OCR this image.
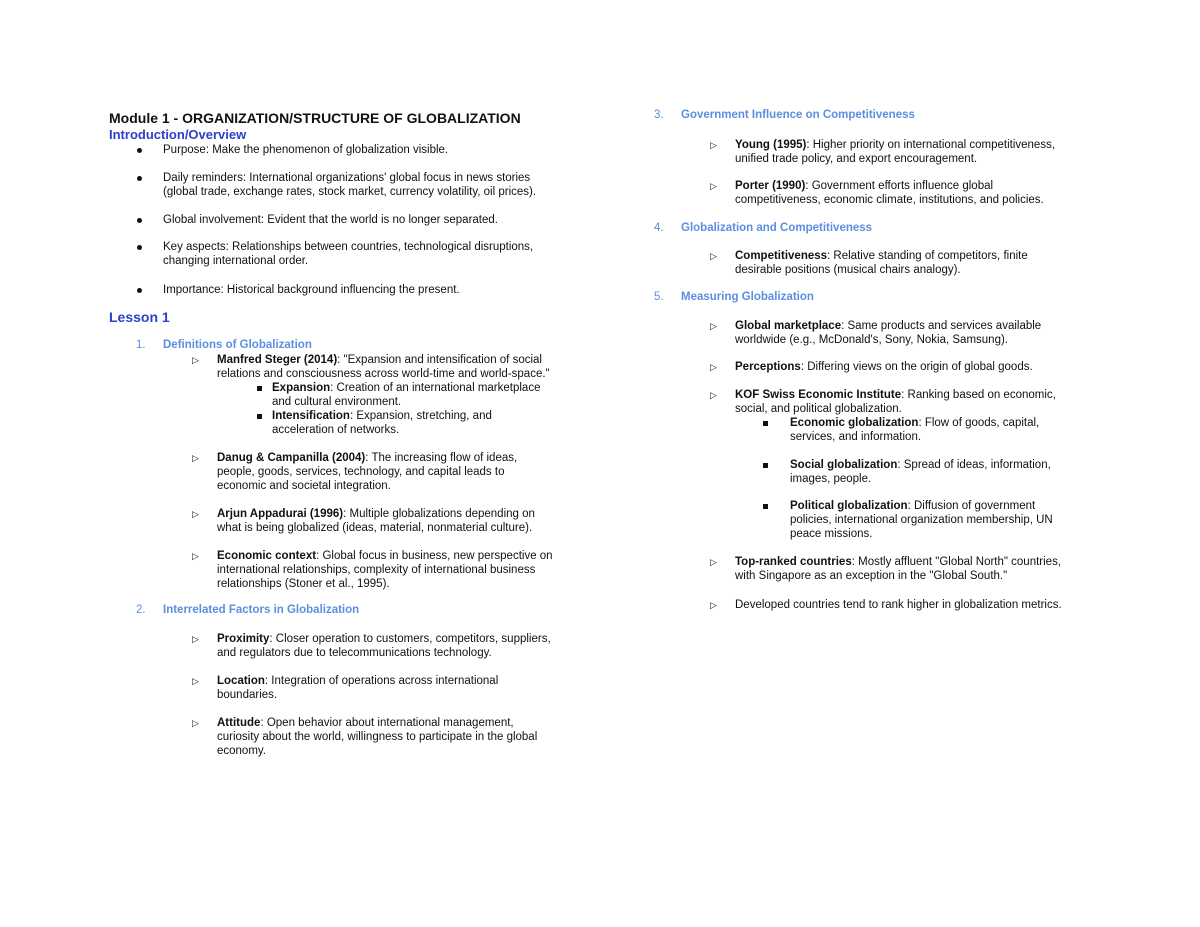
Module 1 - ORGANIZATION/STRUCTURE OF GLOBALIZATION
Introduction/Overview
Purpose: Make the phenomenon of globalization visible.
Daily reminders: International organizations' global focus in news stories
(global trade, exchange rates, stock market, currency volatility, oil prices).
Global involvement: Evident that the world is no longer separated.
Key aspects: Relationships between countries, technological disruptions,
changing international order.
Importance: Historical background influencing the present.
Lesson 1
1. Definitions of Globalization
▷ Manfred Steger (2014): "Expansion and intensification of social
relations and consciousness across world-time and world-space."
Expansion: Creation of an international marketplace
and cultural environment.
Intensification: Expansion, stretching, and
acceleration of networks.
▷ Danug & Campanilla (2004): The increasing flow of ideas,
people, goods, services, technology, and capital leads to
economic and societal integration.
▷ Arjun Appadurai (1996): Multiple globalizations depending on
what is being globalized (ideas, material, nonmaterial culture).
▷ Economic context: Global focus in business, new perspective on
international relationships, complexity of international business
relationships (Stoner et al., 1995).
2. Interrelated Factors in Globalization
▷ Proximity: Closer operation to customers, competitors, suppliers,
and regulators due to telecommunications technology.
▷ Location: Integration of operations across international
boundaries.
▷ Attitude: Open behavior about international management,
curiosity about the world, willingness to participate in the global
economy.
3. Government Influence on Competitiveness
▷ Young (1995): Higher priority on international competitiveness,
unified trade policy, and export encouragement.
▷ Porter (1990): Government efforts influence global
competitiveness, economic climate, institutions, and policies.
4. Globalization and Competitiveness
▷ Competitiveness: Relative standing of competitors, finite
desirable positions (musical chairs analogy).
5. Measuring Globalization
▷ Global marketplace: Same products and services available
worldwide (e.g., McDonald's, Sony, Nokia, Samsung).
▷ Perceptions: Differing views on the origin of global goods.
▷ KOF Swiss Economic Institute: Ranking based on economic,
social, and political globalization.
Economic globalization: Flow of goods, capital,
services, and information.
Social globalization: Spread of ideas, information,
images, people.
Political globalization: Diffusion of government
policies, international organization membership, UN
peace missions.
▷ Top-ranked countries: Mostly affluent "Global North" countries,
with Singapore as an exception in the "Global South."
▷ Developed countries tend to rank higher in globalization metrics.
